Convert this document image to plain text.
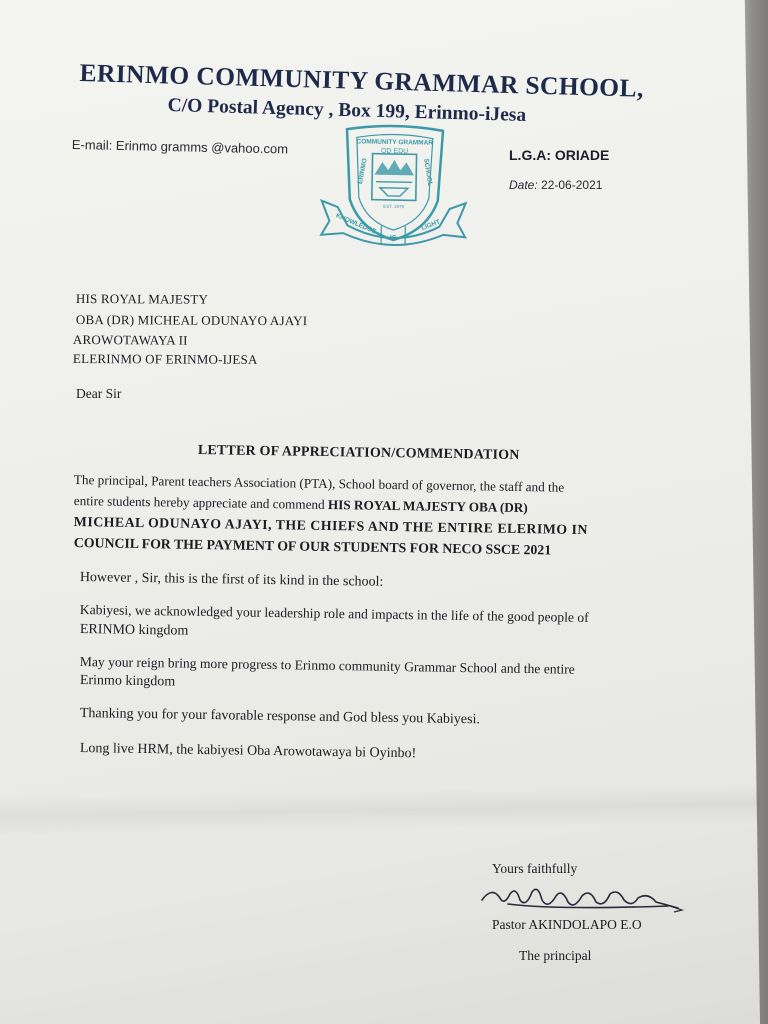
ERINMO COMMUNITY GRAMMAR SCHOOL,
C/O Postal Agency , Box 199, Erinmo-iJesa
E-mail: Erinmo gramms @vahoo.com	L.G.A: ORIADE
Date: 22-06-2021
COMMUNITY GRAMMAR
OD EDU
EST. 1979
ERINMO	SCHOOL
KNOWLEDGE
IS
LIGHT
HIS ROYAL MAJESTY
OBA (DR) MICHEAL ODUNAYO AJAYI
AROWOTAWAYA II
ELERINMO OF ERINMO-IJESA
Dear Sir
LETTER OF APPRECIATION/COMMENDATION
The principal, Parent teachers Association (PTA), School board of governor, the staff and the
entire students hereby appreciate and commend HIS ROYAL MAJESTY OBA (DR)
MICHEAL ODUNAYO AJAYI, THE CHIEFS AND THE ENTIRE ELERIMO IN
COUNCIL FOR THE PAYMENT OF OUR STUDENTS FOR NECO SSCE 2021
However , Sir, this is the first of its kind in the school:
Kabiyesi, we acknowledged your leadership role and impacts in the life of the good people of
ERINMO kingdom
May your reign bring more progress to Erinmo community Grammar School and the entire
Erinmo kingdom
Thanking you for your favorable response and God bless you Kabiyesi.
Long live HRM, the kabiyesi Oba Arowotawaya bi Oyinbo!
Yours faithfully
Pastor AKINDOLAPO E.O
The principal
